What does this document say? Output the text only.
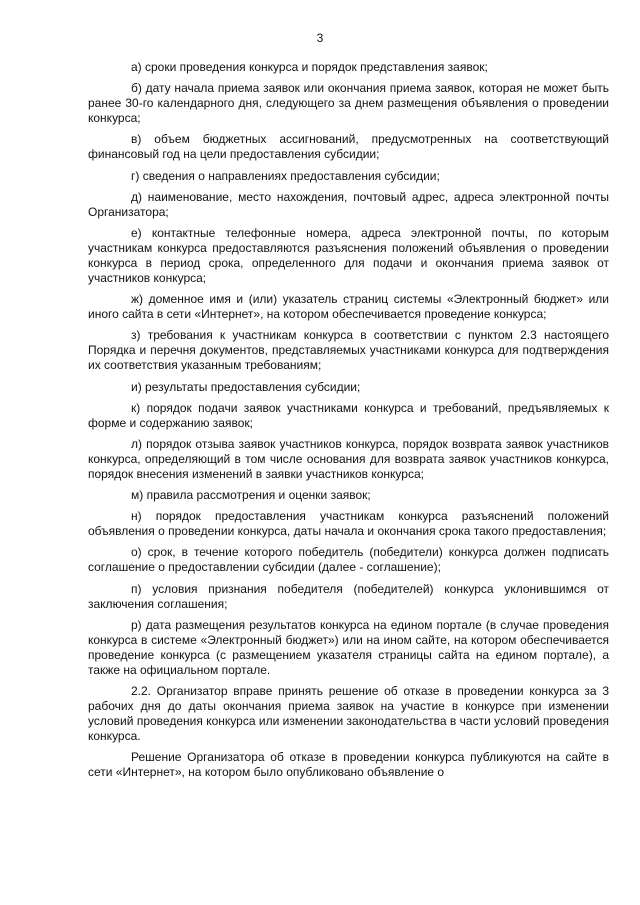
3

а) сроки проведения конкурса и порядок представления заявок;

б) дату начала приема заявок или окончания приема заявок, которая не может быть ранее 30-го календарного дня, следующего за днем размещения объявления о проведении конкурса;

в) объем бюджетных ассигнований, предусмотренных на соответствующий финансовый год на цели предоставления субсидии;

г) сведения о направлениях предоставления субсидии;

д) наименование, место нахождения, почтовый адрес, адреса электронной почты Организатора;

е) контактные телефонные номера, адреса электронной почты, по которым участникам конкурса предоставляются разъяснения положений объявления о проведении конкурса в период срока, определенного для подачи и окончания приема заявок от участников конкурса;

ж) доменное имя и (или) указатель страниц системы «Электронный бюджет» или иного сайта в сети «Интернет», на котором обеспечивается проведение конкурса;

з) требования к участникам конкурса в соответствии с пунктом 2.3 настоящего Порядка и перечня документов, представляемых участниками конкурса для подтверждения их соответствия указанным требованиям;

и) результаты предоставления субсидии;

к) порядок подачи заявок участниками конкурса и требований, предъявляемых к форме и содержанию заявок;

л) порядок отзыва заявок участников конкурса, порядок возврата заявок участников конкурса, определяющий в том числе основания для возврата заявок участников конкурса, порядок внесения изменений в заявки участников конкурса;

м) правила рассмотрения и оценки заявок;

н) порядок предоставления участникам конкурса разъяснений положений объявления о проведении конкурса, даты начала и окончания срока такого предоставления;

о) срок, в течение которого победитель (победители) конкурса должен подписать соглашение о предоставлении субсидии (далее - соглашение);

п) условия признания победителя (победителей) конкурса уклонившимся от заключения соглашения;

р) дата размещения результатов конкурса на едином портале (в случае проведения конкурса в системе «Электронный бюджет») или на ином сайте, на котором обеспечивается проведение конкурса (с размещением указателя страницы сайта на едином портале), а также на официальном портале.

2.2. Организатор вправе принять решение об отказе в проведении конкурса за 3 рабочих дня до даты окончания приема заявок на участие в конкурсе при изменении условий проведения конкурса или изменении законодательства в части условий проведения конкурса.

Решение Организатора об отказе в проведении конкурса публикуются на сайте в сети «Интернет», на котором было опубликовано объявление о
